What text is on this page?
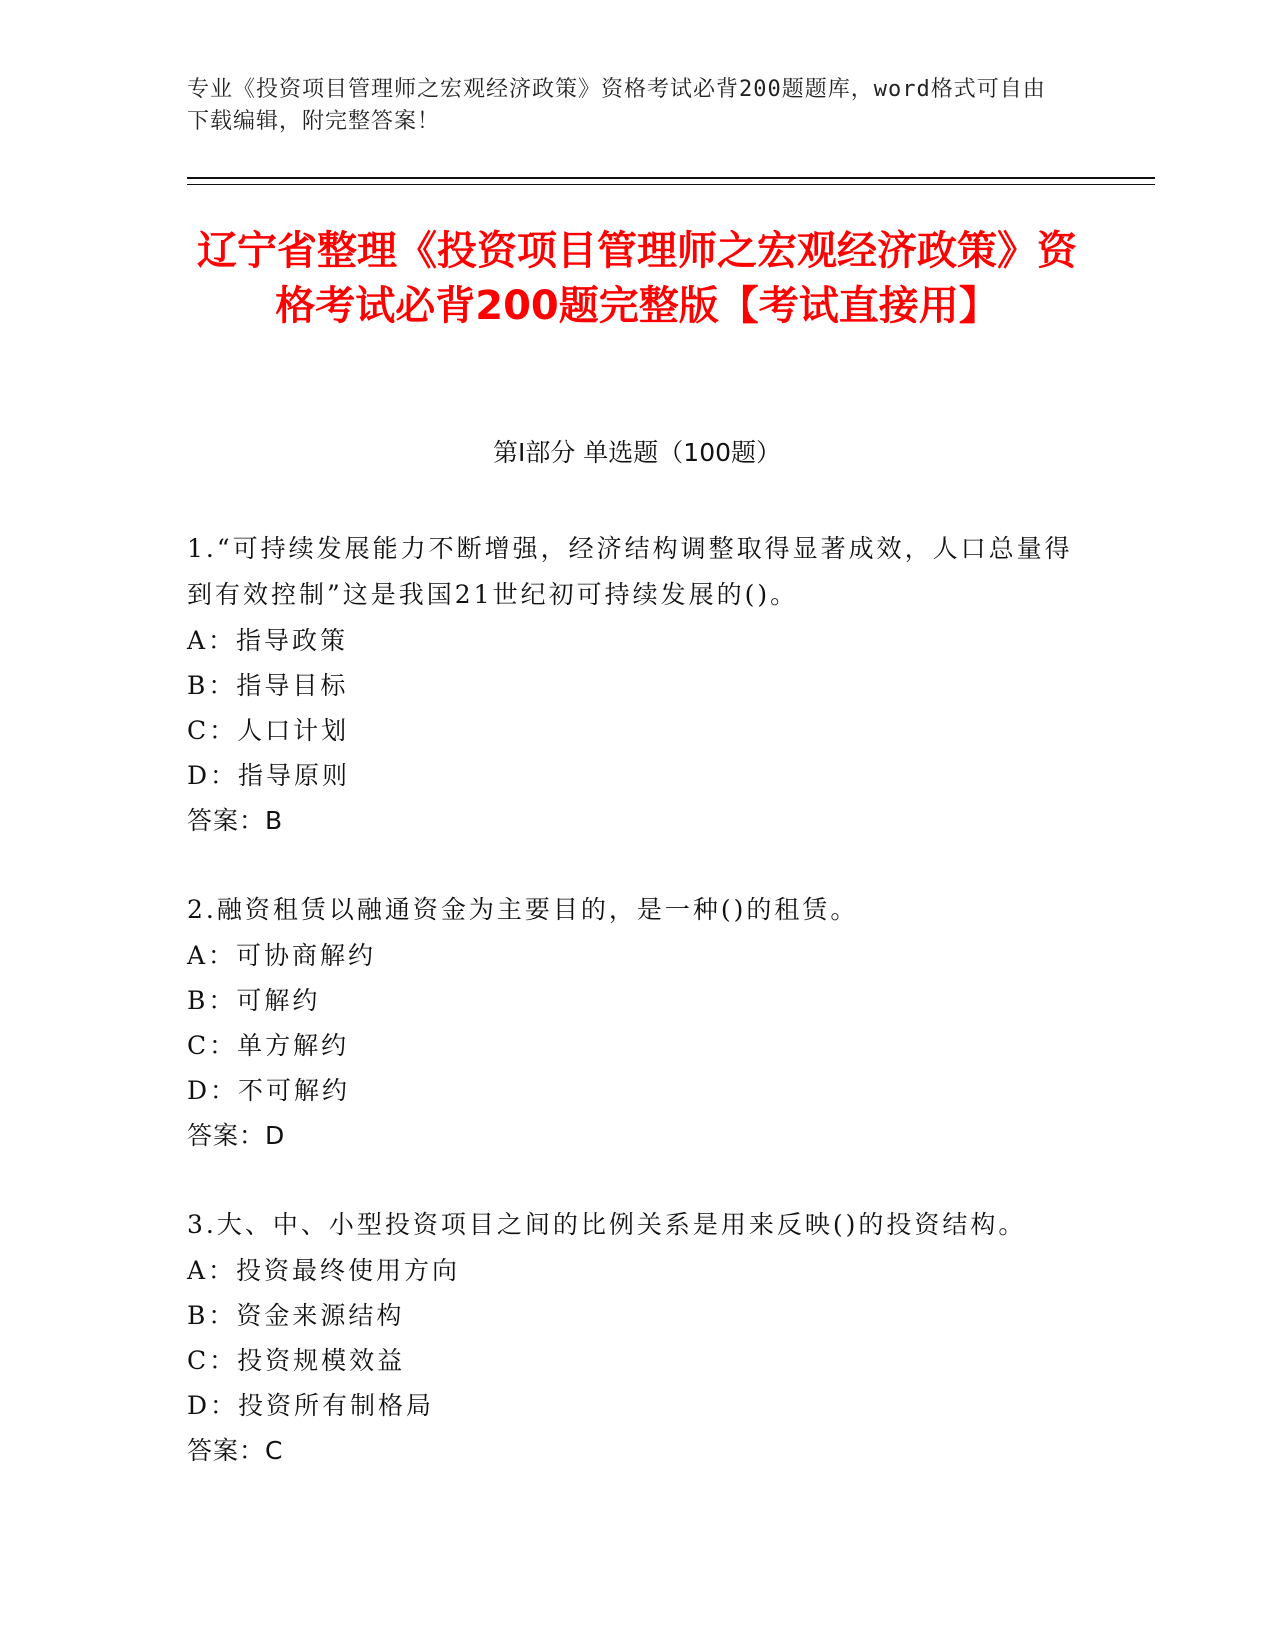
专业《投资项目管理师之宏观经济政策》资格考试必背200题题库，word格式可自由下载编辑，附完整答案！
辽宁省整理《投资项目管理师之宏观经济政策》资格考试必背200题完整版【考试直接用】
第Ⅰ部分 单选题（100题）
1.“可持续发展能力不断增强，经济结构调整取得显著成效，人口总量得到有效控制”这是我国21世纪初可持续发展的()。
A：指导政策
B：指导目标
C：人口计划
D：指导原则
答案：B
2.融资租赁以融通资金为主要目的，是一种()的租赁。
A：可协商解约
B：可解约
C：单方解约
D：不可解约
答案：D
3.大、中、小型投资项目之间的比例关系是用来反映()的投资结构。
A：投资最终使用方向
B：资金来源结构
C：投资规模效益
D：投资所有制格局
答案：C
